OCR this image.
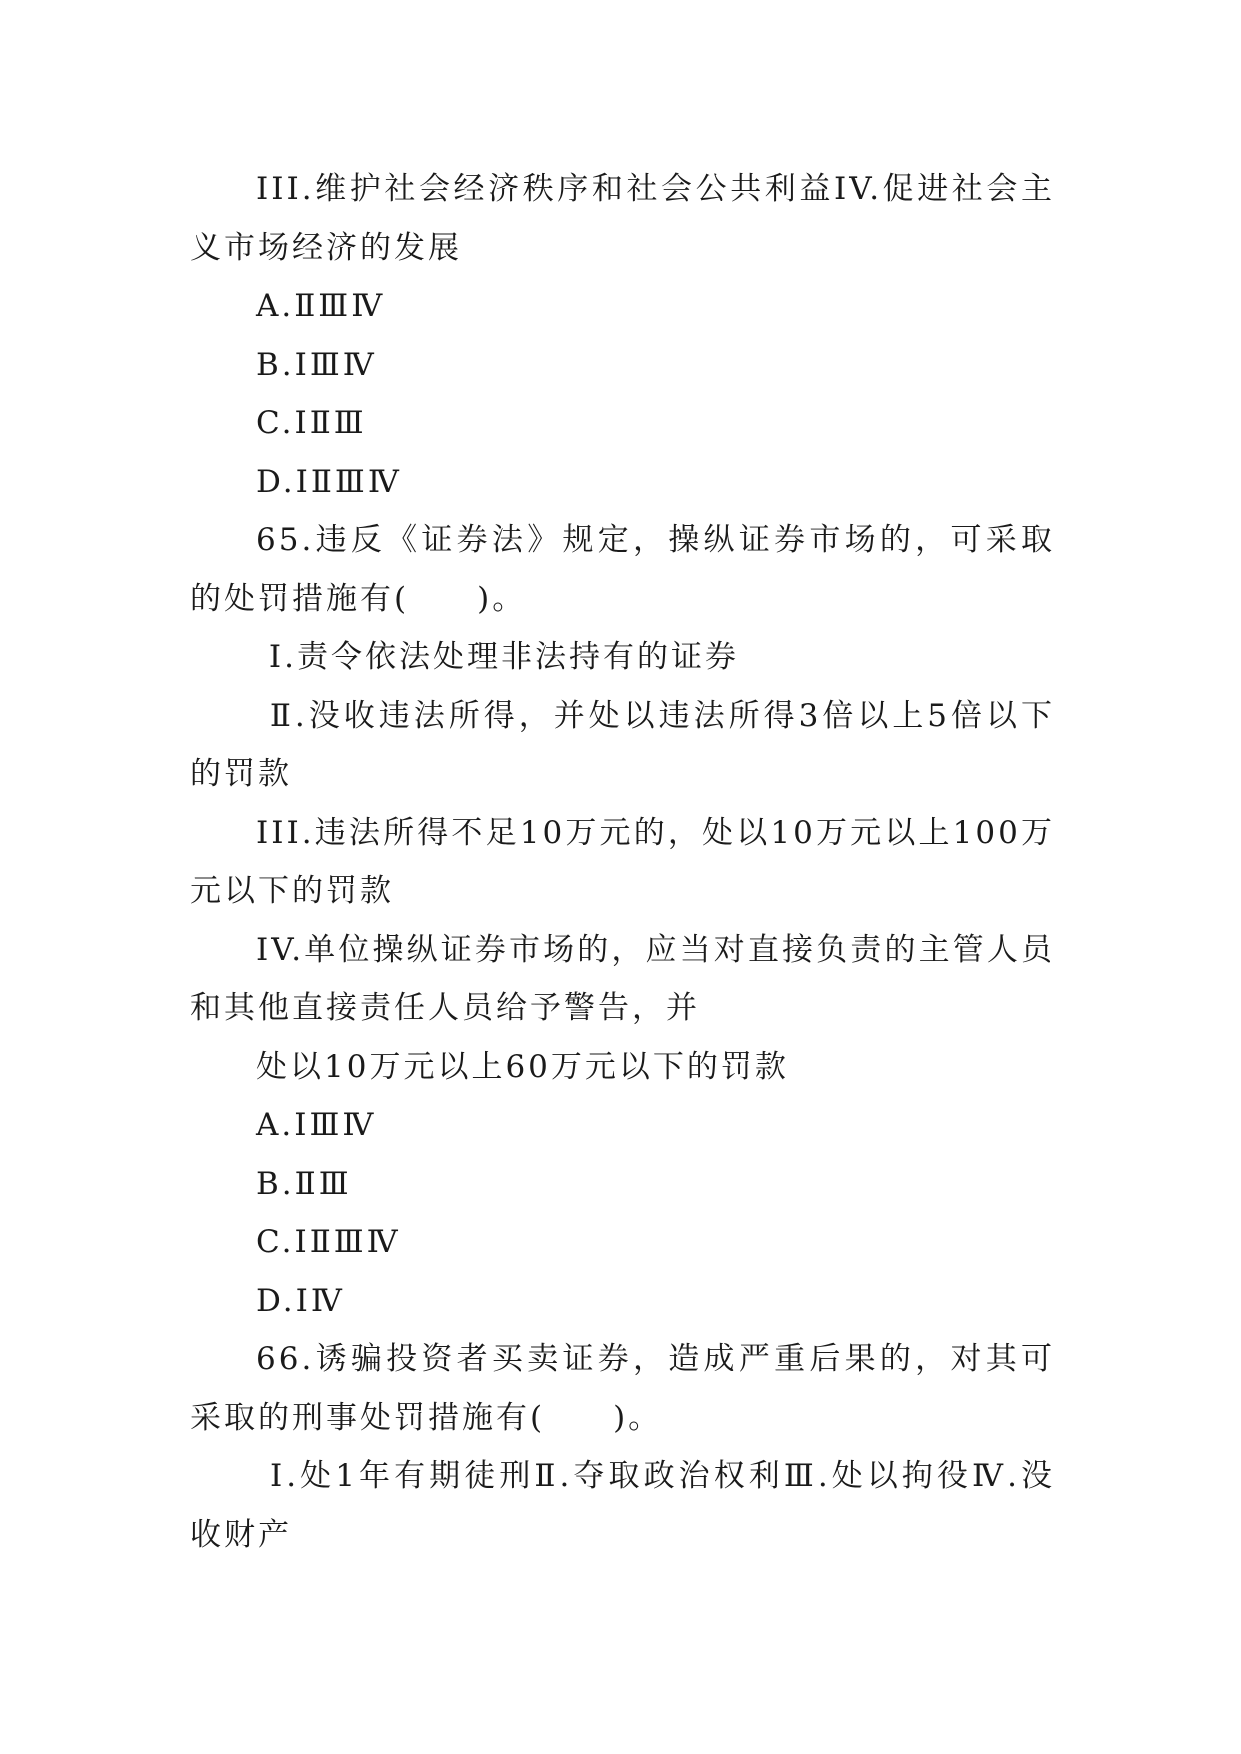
III.维护社会经济秩序和社会公共利益IV.促进社会主义市场经济的发展

A.ⅡⅢⅣ

B.ⅠⅢⅣ

C.ⅠⅡⅢ

D.ⅠⅡⅢⅣ

65.违反《证券法》规定，操纵证券市场的，可采取的处罚措施有(　　)。

Ⅰ.责令依法处理非法持有的证券

Ⅱ.没收违法所得，并处以违法所得3倍以上5倍以下的罚款

III.违法所得不足10万元的，处以10万元以上100万元以下的罚款

IV.单位操纵证券市场的，应当对直接负责的主管人员和其他直接责任人员给予警告，并

处以10万元以上60万元以下的罚款

A.ⅠⅢⅣ

B.ⅡⅢ

C.ⅠⅡⅢⅣ

D.ⅠⅣ

66.诱骗投资者买卖证券，造成严重后果的，对其可采取的刑事处罚措施有(　　)。

Ⅰ.处1年有期徒刑Ⅱ.夺取政治权利Ⅲ.处以拘役Ⅳ.没收财产
